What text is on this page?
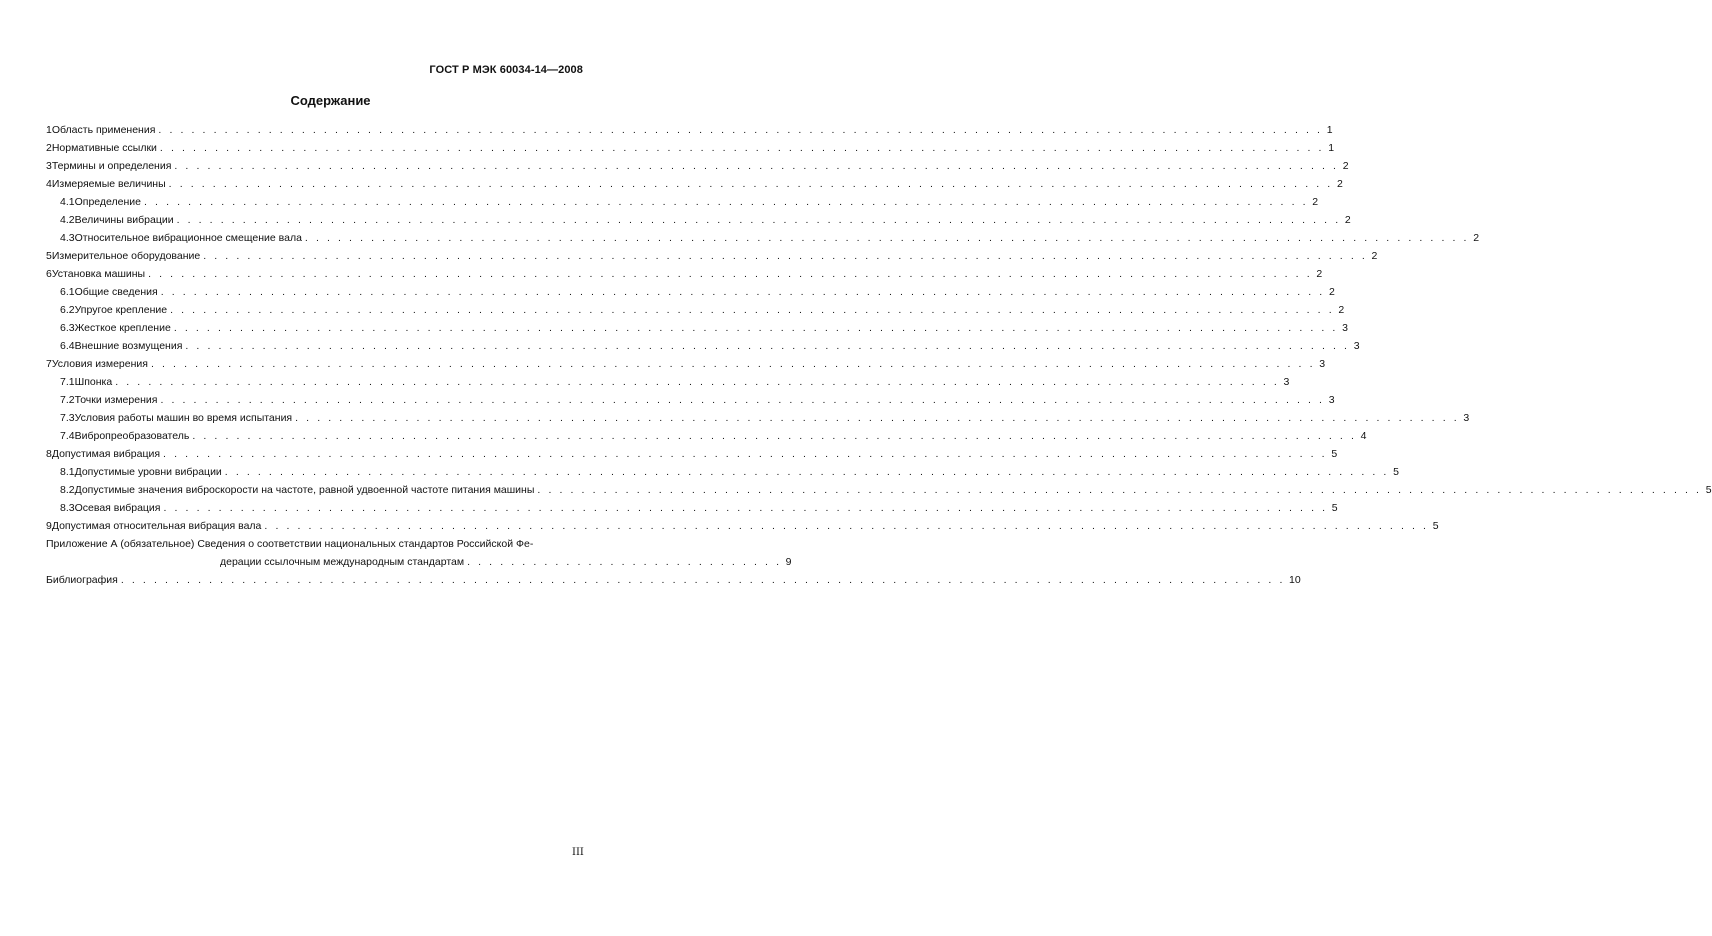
ГОСТ Р МЭК 60034-14—2008
Содержание
1 Область применения . . .	1
2 Нормативные ссылки . . .	1
3 Термины и определения . . .	2
4 Измеряемые величины . . .	2
4.1 Определение . . .	2
4.2 Величины вибрации . . .	2
4.3 Относительное вибрационное смещение вала . . .	2
5 Измерительное оборудование . . .	2
6 Установка машины . . .	2
6.1 Общие сведения . . .	2
6.2 Упругое крепление . . .	2
6.3 Жесткое крепление . . .	3
6.4 Внешние возмущения . . .	3
7 Условия измерения . . .	3
7.1 Шпонка . . .	3
7.2 Точки измерения . . .	3
7.3 Условия работы машин во время испытания . . .	3
7.4 Вибропреобразователь . . .	4
8 Допустимая вибрация . . .	5
8.1 Допустимые уровни вибрации . . .	5
8.2 Допустимые значения виброскорости на частоте, равной удвоенной частоте питания машины . . .	5
8.3 Осевая вибрация . . .	5
9 Допустимая относительная вибрация вала . . .	5
Приложение А (обязательное) Сведения о соответствии национальных стандартов Российской Фе-
дерации ссылочным международным стандартам . . . . . . . . . . . . . . . . . . . . . . . . . . . . . 9
Библиография . . .	10
III
